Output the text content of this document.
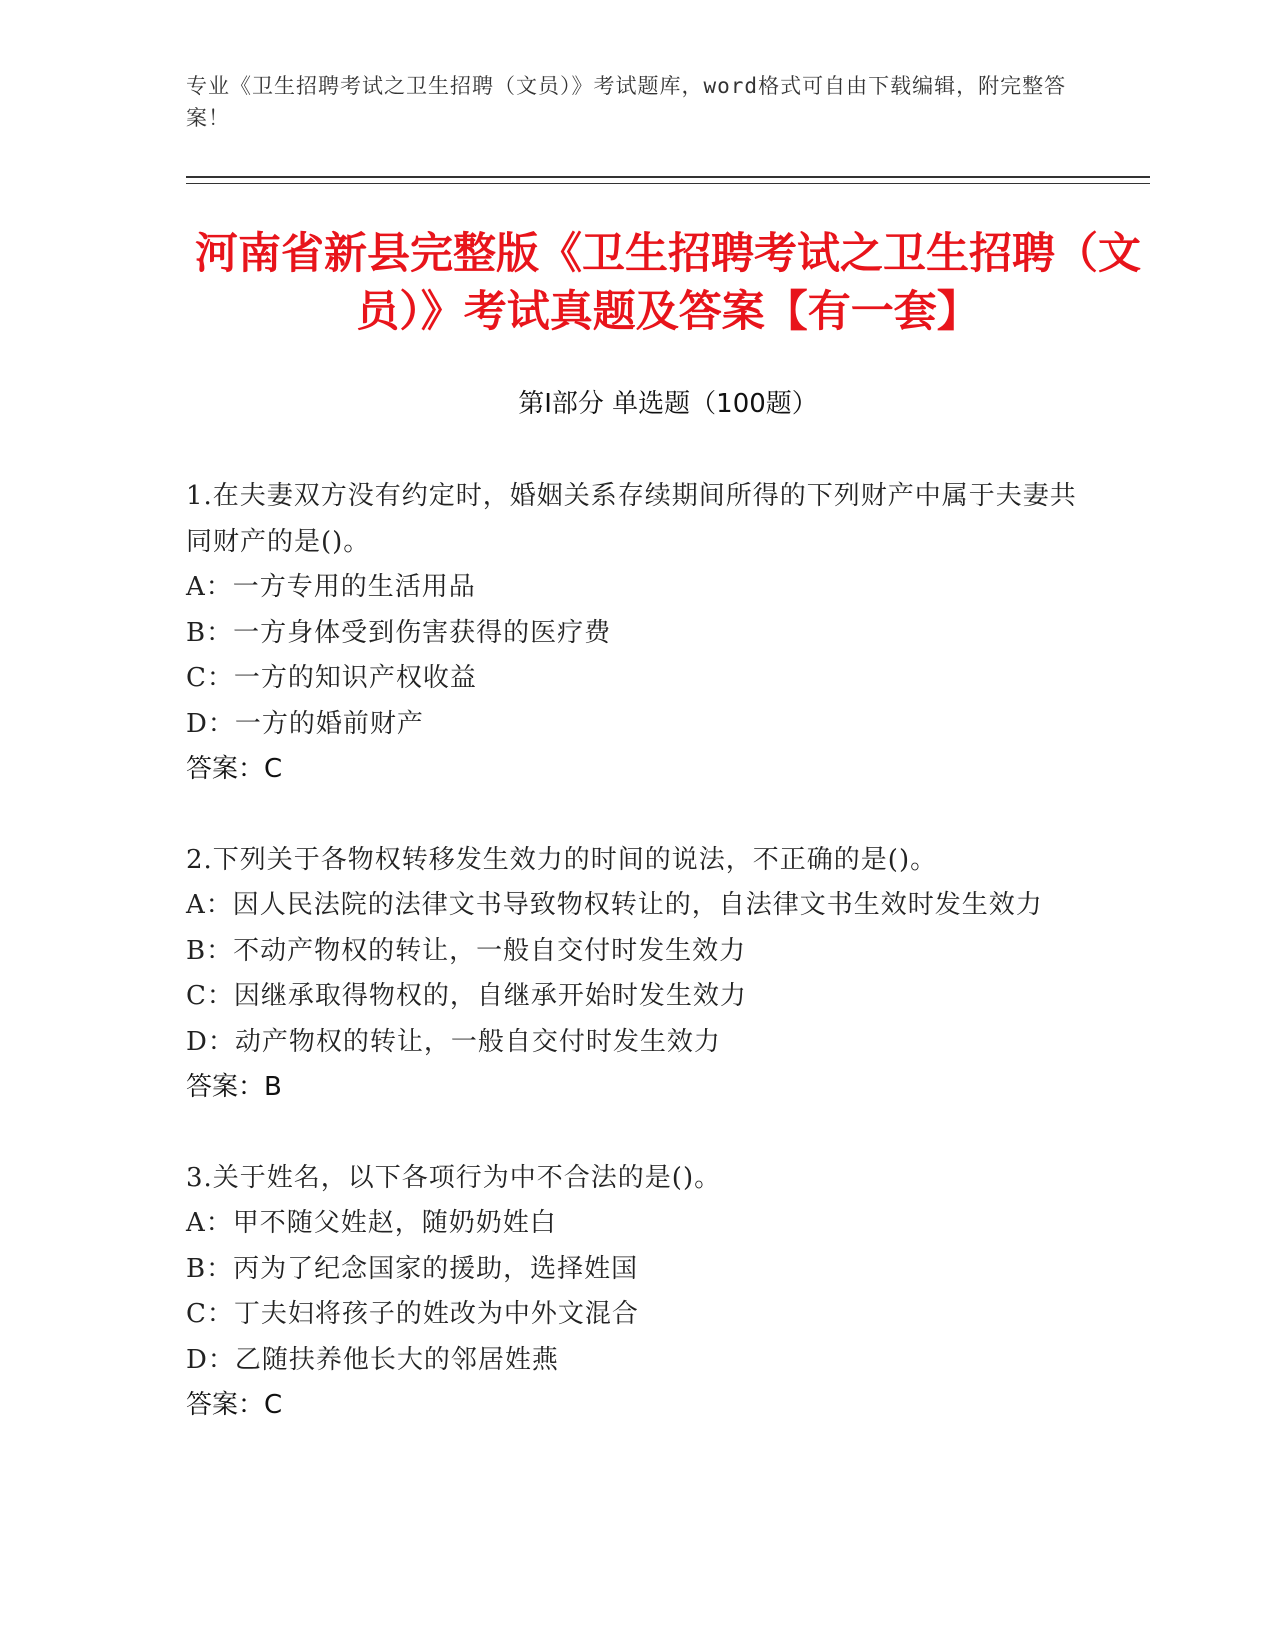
专业《卫生招聘考试之卫生招聘（文员）》考试题库，word格式可自由下载编辑，附完整答案！
河南省新县完整版《卫生招聘考试之卫生招聘（文员）》考试真题及答案【有一套】
第Ⅰ部分 单选题（100题）
1.在夫妻双方没有约定时，婚姻关系存续期间所得的下列财产中属于夫妻共同财产的是()。
A：一方专用的生活用品
B：一方身体受到伤害获得的医疗费
C：一方的知识产权收益
D：一方的婚前财产
答案：C
2.下列关于各物权转移发生效力的时间的说法，不正确的是()。
A：因人民法院的法律文书导致物权转让的，自法律文书生效时发生效力
B：不动产物权的转让，一般自交付时发生效力
C：因继承取得物权的，自继承开始时发生效力
D：动产物权的转让，一般自交付时发生效力
答案：B
3.关于姓名，以下各项行为中不合法的是()。
A：甲不随父姓赵，随奶奶姓白
B：丙为了纪念国家的援助，选择姓国
C：丁夫妇将孩子的姓改为中外文混合
D：乙随扶养他长大的邻居姓燕
答案：C
